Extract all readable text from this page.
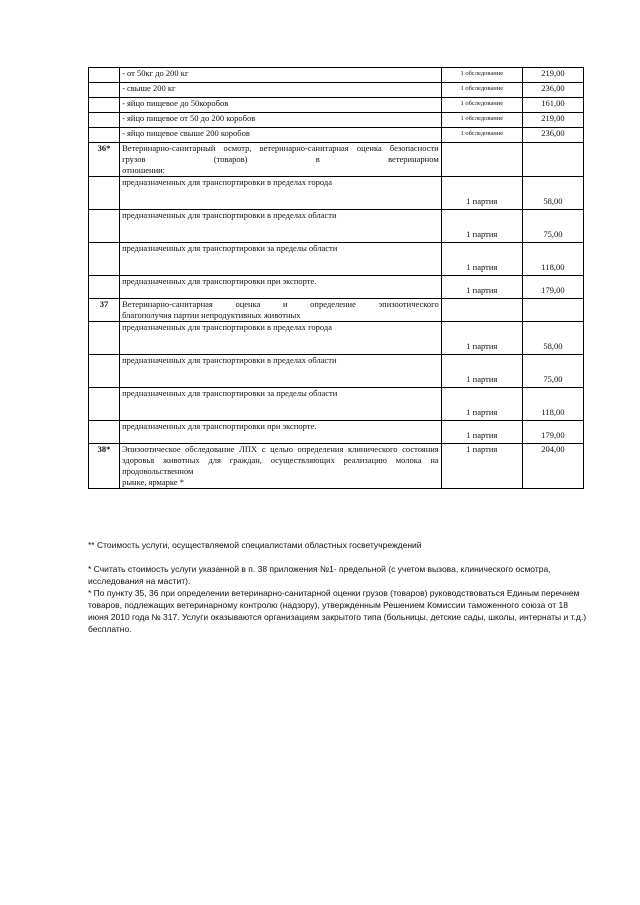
	- от 50кг до 200 кг	1 обследование	219,00
	- свыше 200 кг	1 обследование	236,00
	- яйцо пищевое до 50коробов	1 обследование	161,00
	- яйцо пищевое от 50 до 200 коробов	1 обследование	219,00
	- яйцо пищевое свыше 200 коробов	1 обследование	236,00
36*	Ветеринарно-санитарный осмотр, ветеринарно-санитарная оценка безопасности грузов (товаров) в ветеринарном
отношении:		

	предназначенных для транспортировки в пределах города	1 партия	58,00
	предназначенных для транспортировки в пределах области	1 партия	75,00
	предназначенных для транспортировки за пределы области	1 партия	118,00
	предназначенных для транспортировки при экспорте.	1 партия	179,00
37	Ветеринарно-санитарная оценка и определение эпизоотического
благополучия партии непродуктивных животных		

	предназначенных для транспортировки в пределах города	1 партия	58,00
	предназначенных для транспортировки в пределах области	1 партия	75,00
	предназначенных для транспортировки за пределы области	1 партия	118,00
	предназначенных для транспортировки при экспорте.	1 партия	179,00
38*	Эпизоотическое обследование ЛПХ с целью определения клинического состояния здоровья животных для граждан, осуществляющих реализацию молока на продовольственном
рынке, ярмарке *	1 партия	204,00
** Стоимость услуги, осуществляемой специалистами областных госветучреждений
* Считать стоимость услуги указанной в п. 38 приложения №1- предельной (с учетом вызова, клинического осмотра, исследования на мастит).
* По пункту 35, 36 при определении ветеринарно-санитарной оценки грузов (товаров) руководствоваться Единым перечнем товаров, подлежащих ветеринарному контролю (надзору), утвержденным Решением Комиссии таможенного союза от 18 июня 2010 года № 317. Услуги оказываются организациям закрытого типа (больницы, детские сады, школы, интернаты и т.д.) бесплатно.
